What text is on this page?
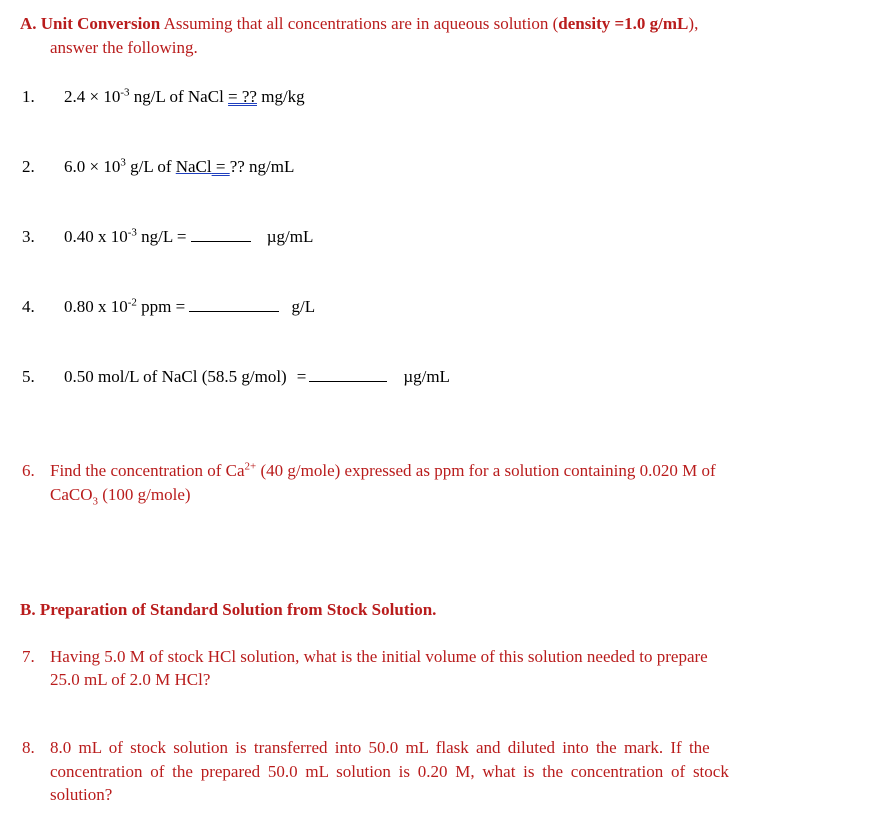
A. Unit Conversion Assuming that all concentrations are in aqueous solution (density =1.0 g/mL),
answer the following.
1. $2.4 \times 10^{-3}$ ng/L of NaCl = ?? mg/kg
2. $6.0 \times 10^3$ g/L of NaCl = ?? ng/mL
3. 0.40 x $10^{-3}$ ng/L =	µg/mL
4. 0.80 x $10^{-2}$ ppm =	g/L
5. 0.50 mol/L of NaCl (58.5 g/mol) =	µg/mL
6. Find the concentration of $Ca^{2+}$ (40 g/mole) expressed as ppm for a solution containing 0.020 M of
CaCO$_3$ (100 g/mole)
B. Preparation of Standard Solution from Stock Solution.
7. Having 5.0 M of stock HCl solution, what is the initial volume of this solution needed to prepare
25.0 mL of 2.0 M HCl?
8. 8.0 mL of stock solution is transferred into 50.0 mL flask and diluted into the mark. If the
concentration of the prepared 50.0 mL solution is 0.20 M, what is the concentration of stock
solution?
